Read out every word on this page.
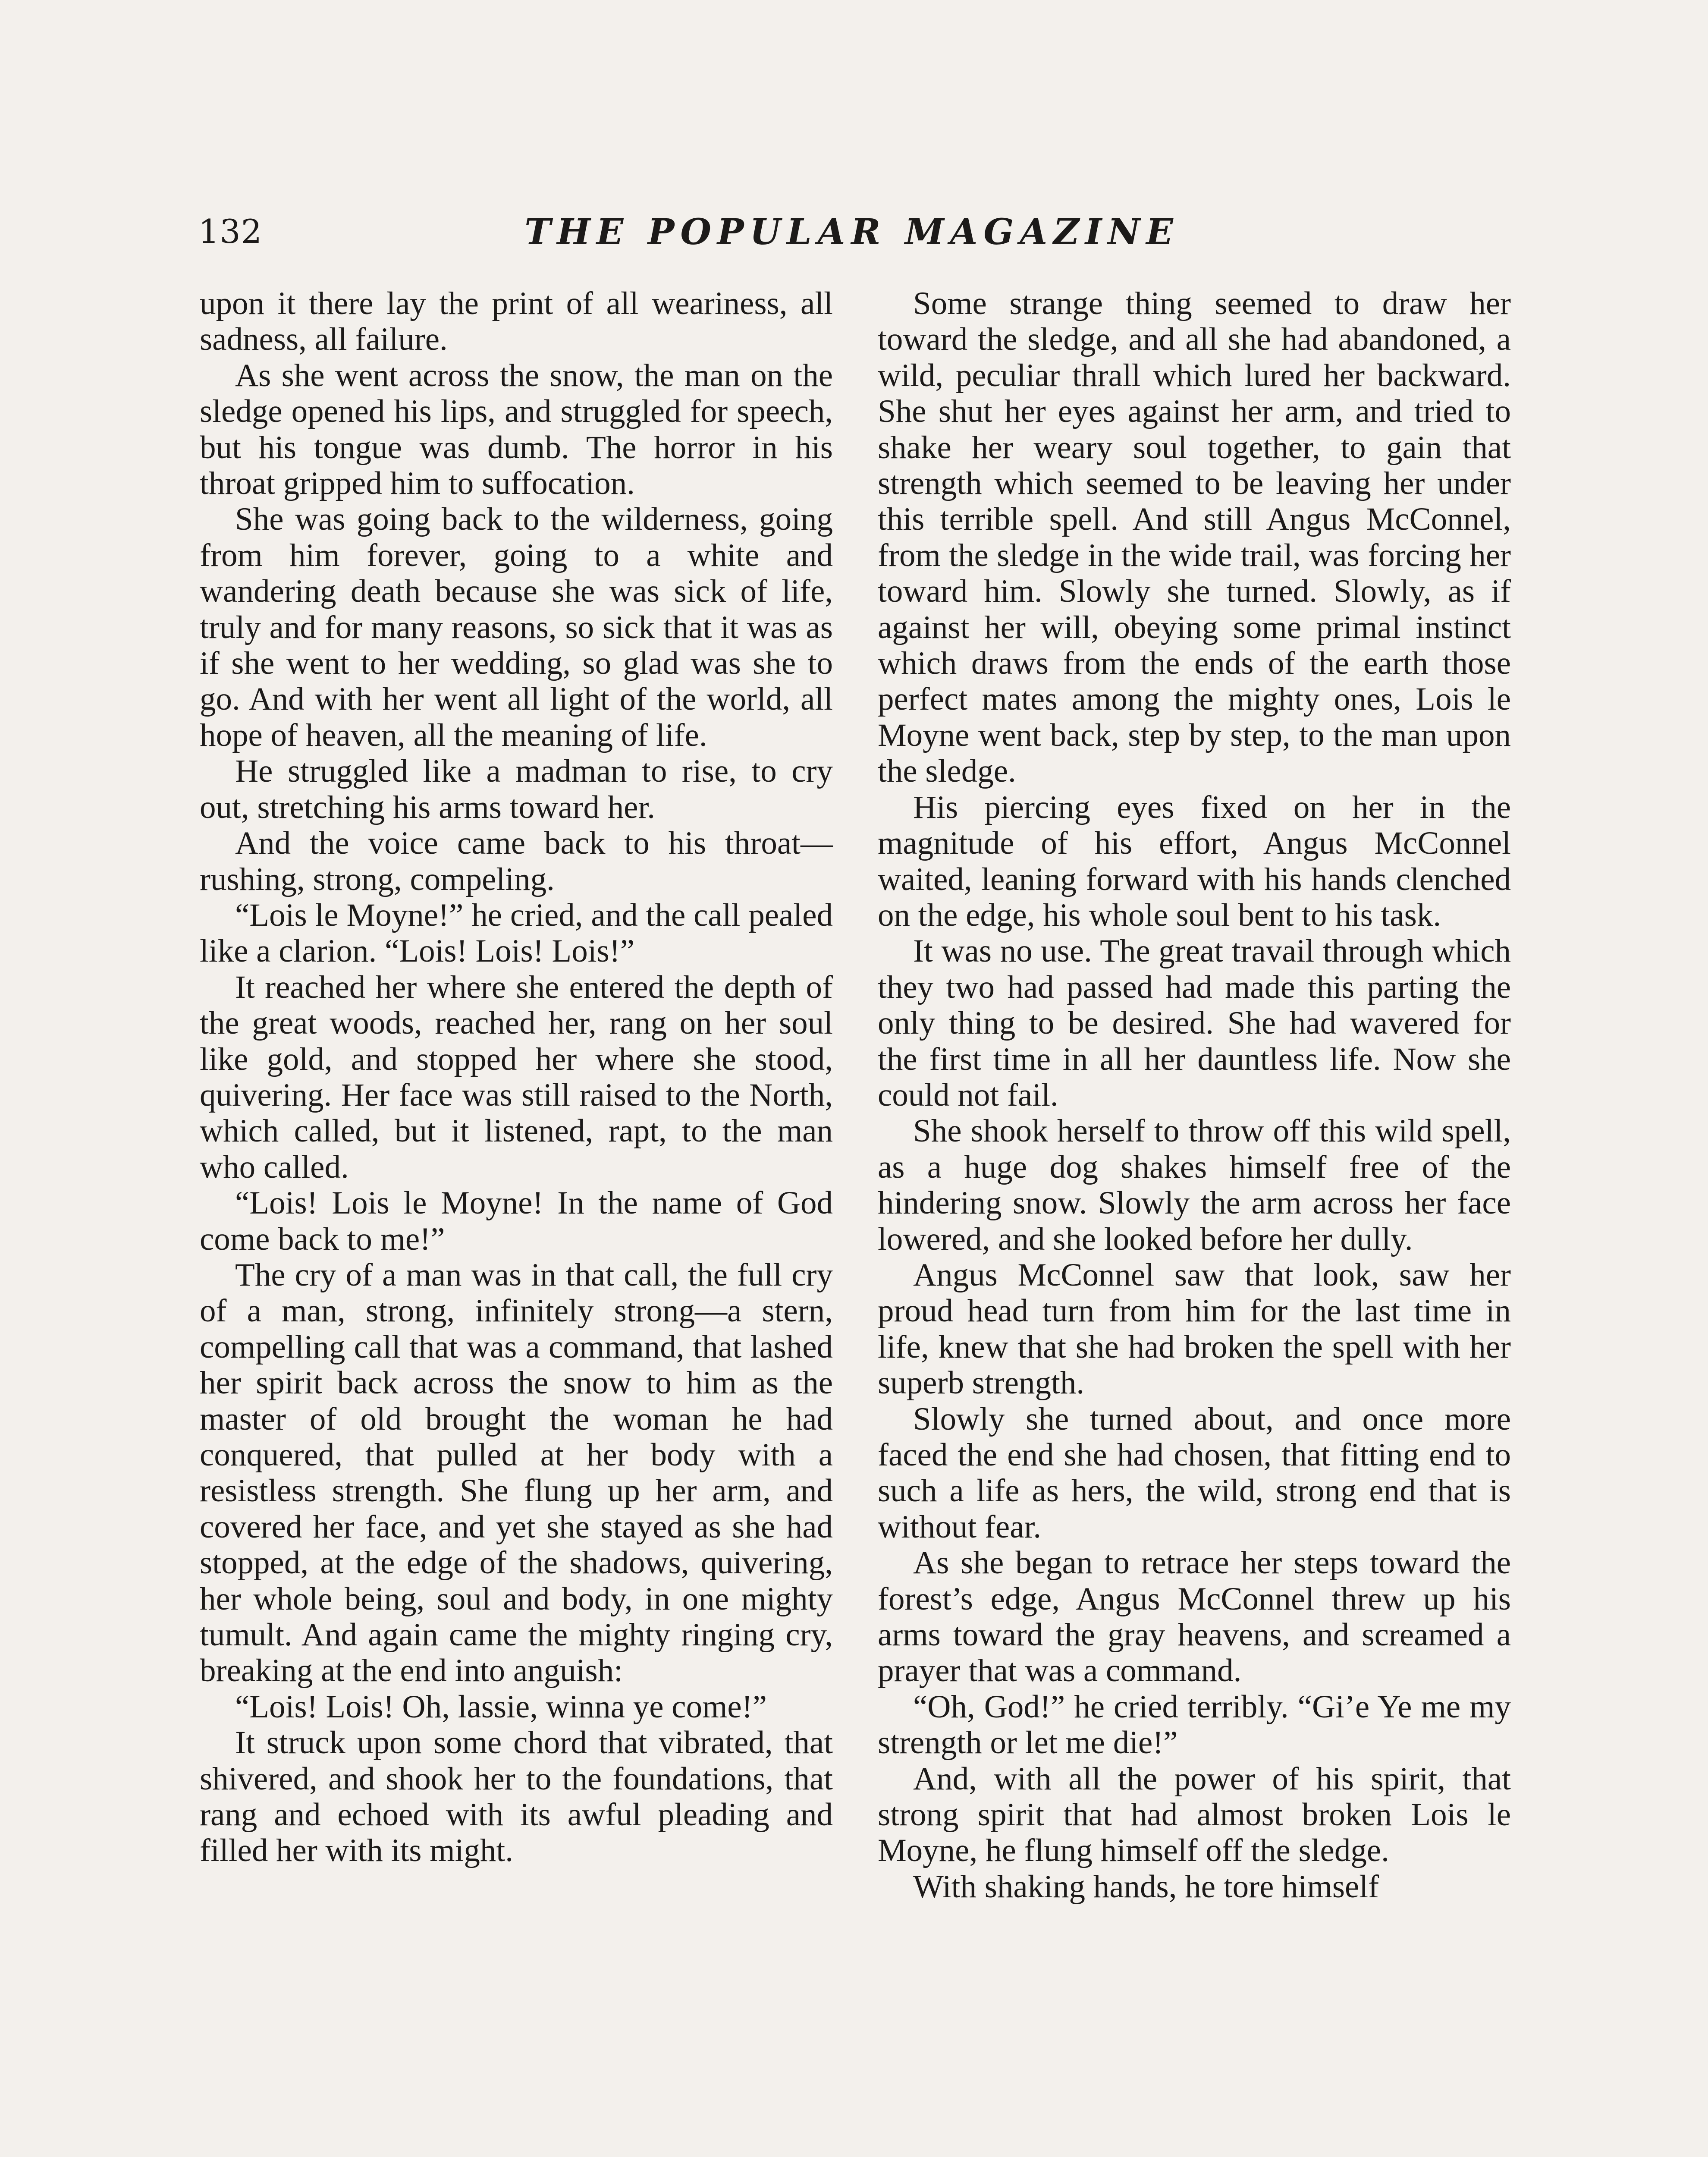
132	THE POPULAR MAGAZINE

upon it there lay the print of all weariness, all sadness, all failure.

As she went across the snow, the man on the sledge opened his lips, and struggled for speech, but his tongue was dumb. The horror in his throat gripped him to suffocation.

She was going back to the wilderness, going from him forever, going to a white and wandering death because she was sick of life, truly and for many reasons, so sick that it was as if she went to her wedding, so glad was she to go. And with her went all light of the world, all hope of heaven, all the meaning of life.

He struggled like a madman to rise, to cry out, stretching his arms toward her.

And the voice came back to his throat—rushing, strong, compeling.

“Lois le Moyne!” he cried, and the call pealed like a clarion. “Lois! Lois! Lois!”

It reached her where she entered the depth of the great woods, reached her, rang on her soul like gold, and stopped her where she stood, quivering. Her face was still raised to the North, which called, but it listened, rapt, to the man who called.

“Lois! Lois le Moyne! In the name of God come back to me!”

The cry of a man was in that call, the full cry of a man, strong, infinitely strong—a stern, compelling call that was a command, that lashed her spirit back across the snow to him as the master of old brought the woman he had conquered, that pulled at her body with a resistless strength. She flung up her arm, and covered her face, and yet she stayed as she had stopped, at the edge of the shadows, quivering, her whole being, soul and body, in one mighty tumult. And again came the mighty ringing cry, breaking at the end into anguish:

“Lois! Lois! Oh, lassie, winna ye come!”

It struck upon some chord that vibrated, that shivered, and shook her to the foundations, that rang and echoed with its awful pleading and filled her with its might.

Some strange thing seemed to draw her toward the sledge, and all she had abandoned, a wild, peculiar thrall which lured her backward. She shut her eyes against her arm, and tried to shake her weary soul together, to gain that strength which seemed to be leaving her under this terrible spell. And still Angus McConnel, from the sledge in the wide trail, was forcing her toward him. Slowly she turned. Slowly, as if against her will, obeying some primal instinct which draws from the ends of the earth those perfect mates among the mighty ones, Lois le Moyne went back, step by step, to the man upon the sledge.

His piercing eyes fixed on her in the magnitude of his effort, Angus McConnel waited, leaning forward with his hands clenched on the edge, his whole soul bent to his task.

It was no use. The great travail through which they two had passed had made this parting the only thing to be desired. She had wavered for the first time in all her dauntless life. Now she could not fail.

She shook herself to throw off this wild spell, as a huge dog shakes himself free of the hindering snow. Slowly the arm across her face lowered, and she looked before her dully.

Angus McConnel saw that look, saw her proud head turn from him for the last time in life, knew that she had broken the spell with her superb strength.

Slowly she turned about, and once more faced the end she had chosen, that fitting end to such a life as hers, the wild, strong end that is without fear.

As she began to retrace her steps toward the forest’s edge, Angus McConnel threw up his arms toward the gray heavens, and screamed a prayer that was a command.

“Oh, God!” he cried terribly. “Gi’e Ye me my strength or let me die!”

And, with all the power of his spirit, that strong spirit that had almost broken Lois le Moyne, he flung himself off the sledge.

With shaking hands, he tore himself
